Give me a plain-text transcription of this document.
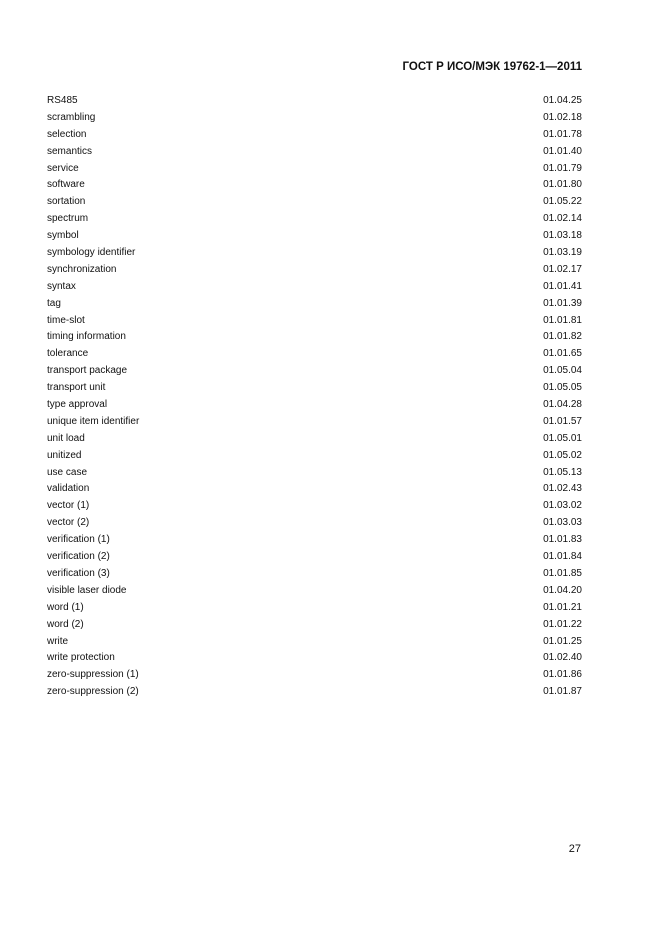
ГОСТ Р ИСО/МЭК 19762-1—2011
RS485	01.04.25
scrambling	01.02.18
selection	01.01.78
semantics	01.01.40
service	01.01.79
software	01.01.80
sortation	01.05.22
spectrum	01.02.14
symbol	01.03.18
symbology identifier	01.03.19
synchronization	01.02.17
syntax	01.01.41
tag	01.01.39
time-slot	01.01.81
timing information	01.01.82
tolerance	01.01.65
transport package	01.05.04
transport unit	01.05.05
type approval	01.04.28
unique item identifier	01.01.57
unit load	01.05.01
unitized	01.05.02
use case	01.05.13
validation	01.02.43
vector (1)	01.03.02
vector (2)	01.03.03
verification (1)	01.01.83
verification (2)	01.01.84
verification (3)	01.01.85
visible laser diode	01.04.20
word (1)	01.01.21
word (2)	01.01.22
write	01.01.25
write protection	01.02.40
zero-suppression (1)	01.01.86
zero-suppression (2)	01.01.87
27
